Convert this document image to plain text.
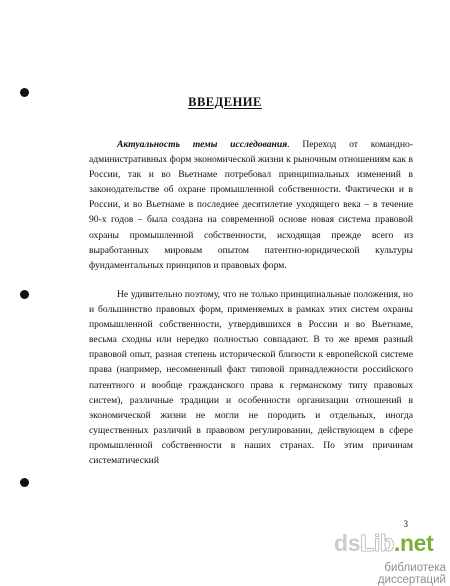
ВВЕДЕНИЕ

Актуальность темы исследования. Переход от командно-административных форм экономической жизни к рыночным отношениям как в России, так и во Вьетнаме потребовал принципиальных изменений в законодательстве об охране промышленной собственности. Фактически и в России, и во Вьетнаме в последнее десятилетие уходящего века – в течение 90-х годов – была создана на современной основе новая система правовой охраны промышленной собственности, исходящая прежде всего из выработанных мировым опытом патентно-юридической культуры фундаментальных принципов и правовых форм.

Не удивительно поэтому, что не только принципиальные положения, но и большинство правовых форм, применяемых в рамках этих систем охраны промышленной собственности, утвердившихся в России и во Вьетнаме, весьма сходны или нередко полностью совпадают. В то же время разный правовой опыт, разная степень исторической близости к европейской системе права (например, несомненный факт типовой принадлежности российского патентного и вообще гражданского права к германскому типу правовых систем), различные традиции и особенности организации отношений в экономической жизни не могли не породить и отдельных, иногда существенных различий в правовом регулировании, действующем в сфере промышленной собственности в наших странах. По этим причинам систематический

3
dsLib.net
библиотека диссертаций
